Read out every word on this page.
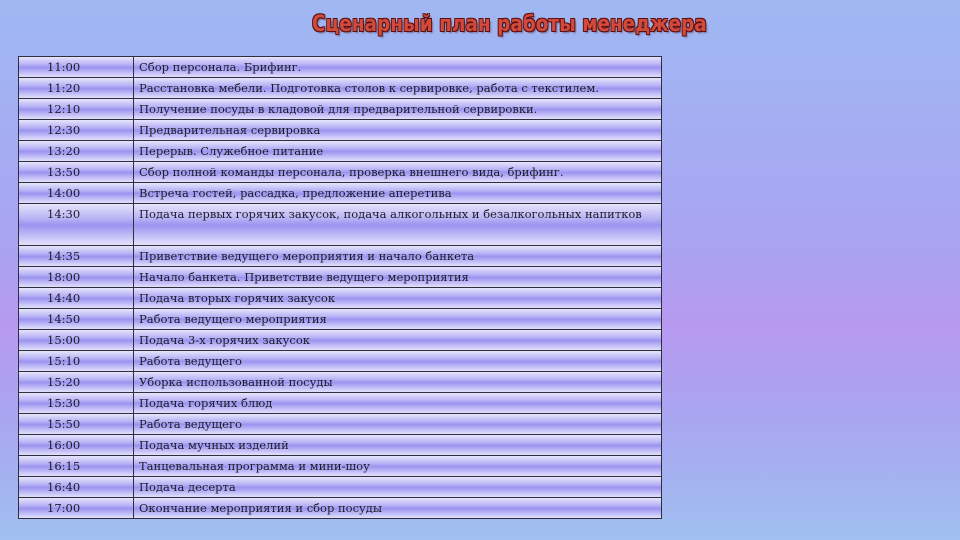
Сценарный план работы менеджера
11:00	Сбор персонала. Брифинг.
11:20	Расстановка мебели. Подготовка столов к сервировке, работа с текстилем.
12:10	Получение посуды в кладовой для предварительной сервировки.
12:30	Предварительная сервировка
13:20	Перерыв. Служебное питание
13:50	Сбор полной команды персонала, проверка внешнего вида, брифинг.
14:00	Встреча гостей, рассадка, предложение аперетива
14:30	Подача первых горячих закусок, подача алкогольных и безалкогольных напитков
14:35	Приветствие ведущего мероприятия и начало банкета
18:00	Начало банкета. Приветствие ведущего мероприятия
14:40	Подача вторых горячих закусок
14:50	Работа ведущего мероприятия
15:00	Подача 3-х горячих закусок
15:10	Работа ведущего
15:20	Уборка использованной посуды
15:30	Подача горячих блюд
15:50	Работа ведущего
16:00	Подача мучных изделий
16:15	Танцевальная программа и мини-шоу
16:40	Подача десерта
17:00	Окончание мероприятия и сбор посуды
